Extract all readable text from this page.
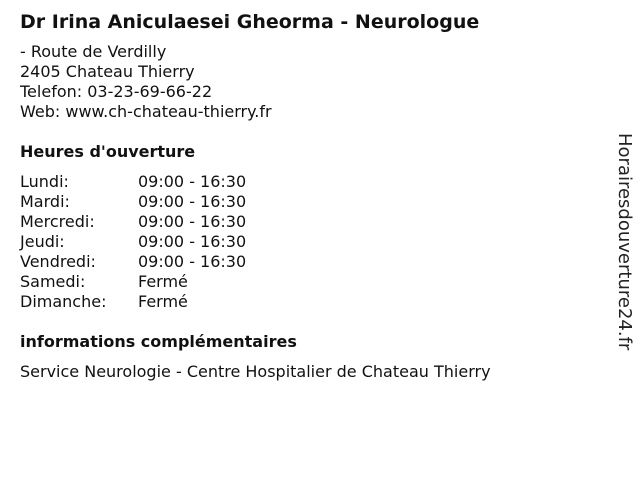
Dr Irina Aniculaesei Gheorma - Neurologue
- Route de Verdilly
2405 Chateau Thierry
Telefon: 03-23-69-66-22
Web: www.ch-chateau-thierry.fr
Heures d'ouverture
Lundi:	09:00 - 16:30
Mardi:	09:00 - 16:30
Mercredi:	09:00 - 16:30
Jeudi:	09:00 - 16:30
Vendredi:	09:00 - 16:30
Samedi:	Fermé
Dimanche:	Fermé
informations complémentaires
Service Neurologie - Centre Hospitalier de Chateau Thierry
Horairesdouverture24.fr
